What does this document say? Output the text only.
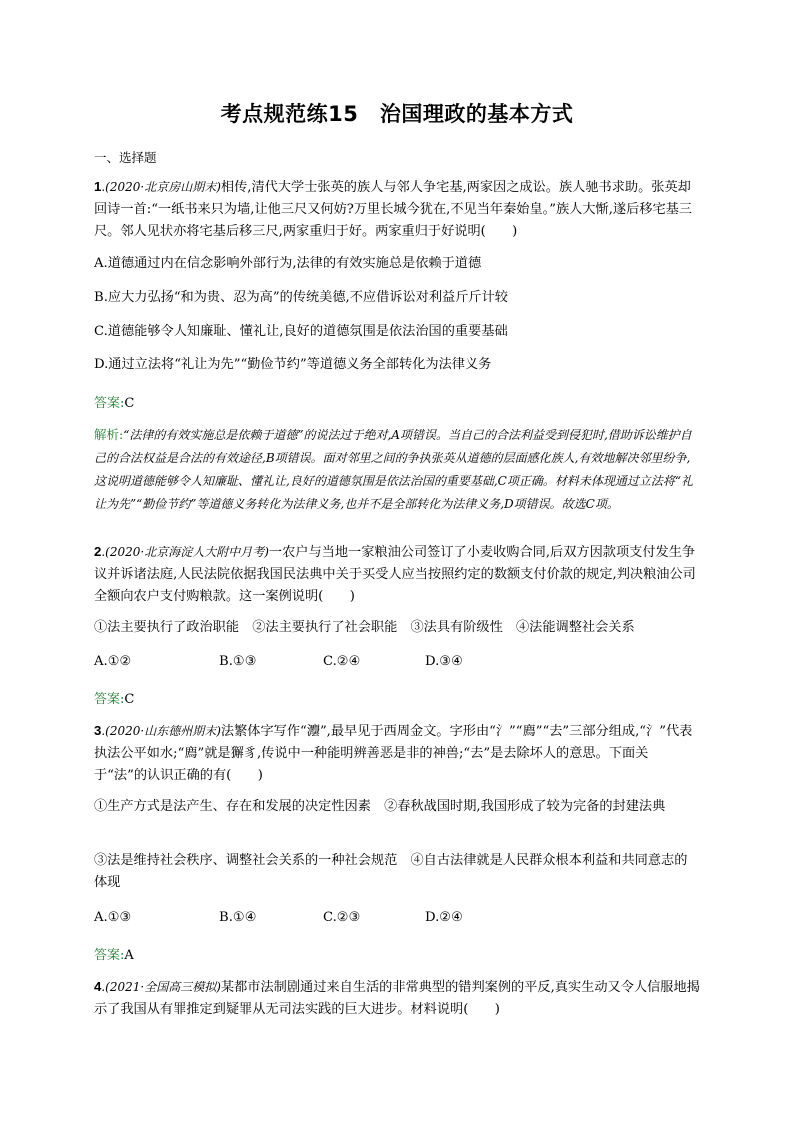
考点规范练15　治国理政的基本方式
一、选择题
1.(2020·北京房山期末)相传,清代大学士张英的族人与邻人争宅基,两家因之成讼。族人驰书求助。张英却回诗一首:“一纸书来只为墙,让他三尺又何妨?万里长城今犹在,不见当年秦始皇。”族人大惭,遂后移宅基三尺。邻人见状亦将宅基后移三尺,两家重归于好。两家重归于好说明(　　)
A.道德通过内在信念影响外部行为,法律的有效实施总是依赖于道德
B.应大力弘扬“和为贵、忍为高”的传统美德,不应借诉讼对利益斤斤计较
C.道德能够令人知廉耻、懂礼让,良好的道德氛围是依法治国的重要基础
D.通过立法将“礼让为先”“勤俭节约”等道德义务全部转化为法律义务
答案:C
解析:“法律的有效实施总是依赖于道德”的说法过于绝对,A项错误。当自己的合法利益受到侵犯时,借助诉讼维护自己的合法权益是合法的有效途径,B项错误。面对邻里之间的争执张英从道德的层面感化族人,有效地解决邻里纷争,这说明道德能够令人知廉耻、懂礼让,良好的道德氛围是依法治国的重要基础,C项正确。材料未体现通过立法将“礼让为先”“勤俭节约”等道德义务转化为法律义务,也并不是全部转化为法律义务,D项错误。故选C项。
2.(2020·北京海淀人大附中月考)一农户与当地一家粮油公司签订了小麦收购合同,后双方因款项支付发生争议并诉诸法庭,人民法院依据我国民法典中关于买受人应当按照约定的数额支付价款的规定,判决粮油公司全额向农户支付购粮款。这一案例说明(　　)
①法主要执行了政治职能　②法主要执行了社会职能　③法具有阶级性　④法能调整社会关系
A.①②	B.①③	C.②④	D.③④
答案:C
3.(2020·山东德州期末)法繁体字写作“灋”,最早见于西周金文。字形由“氵”“廌”“去”三部分组成,“氵”代表执法公平如水;“廌”就是獬豸,传说中一种能明辨善恶是非的神兽;“去”是去除坏人的意思。下面关于“法”的认识正确的有(　　)
①生产方式是法产生、存在和发展的决定性因素　②春秋战国时期,我国形成了较为完备的封建法典
③法是维持社会秩序、调整社会关系的一种社会规范　④自古法律就是人民群众根本利益和共同意志的体现
A.①③	B.①④	C.②③	D.②④
答案:A
4.(2021·全国高三模拟)某都市法制剧通过来自生活的非常典型的错判案例的平反,真实生动又令人信服地揭示了我国从有罪推定到疑罪从无司法实践的巨大进步。材料说明(　　)
